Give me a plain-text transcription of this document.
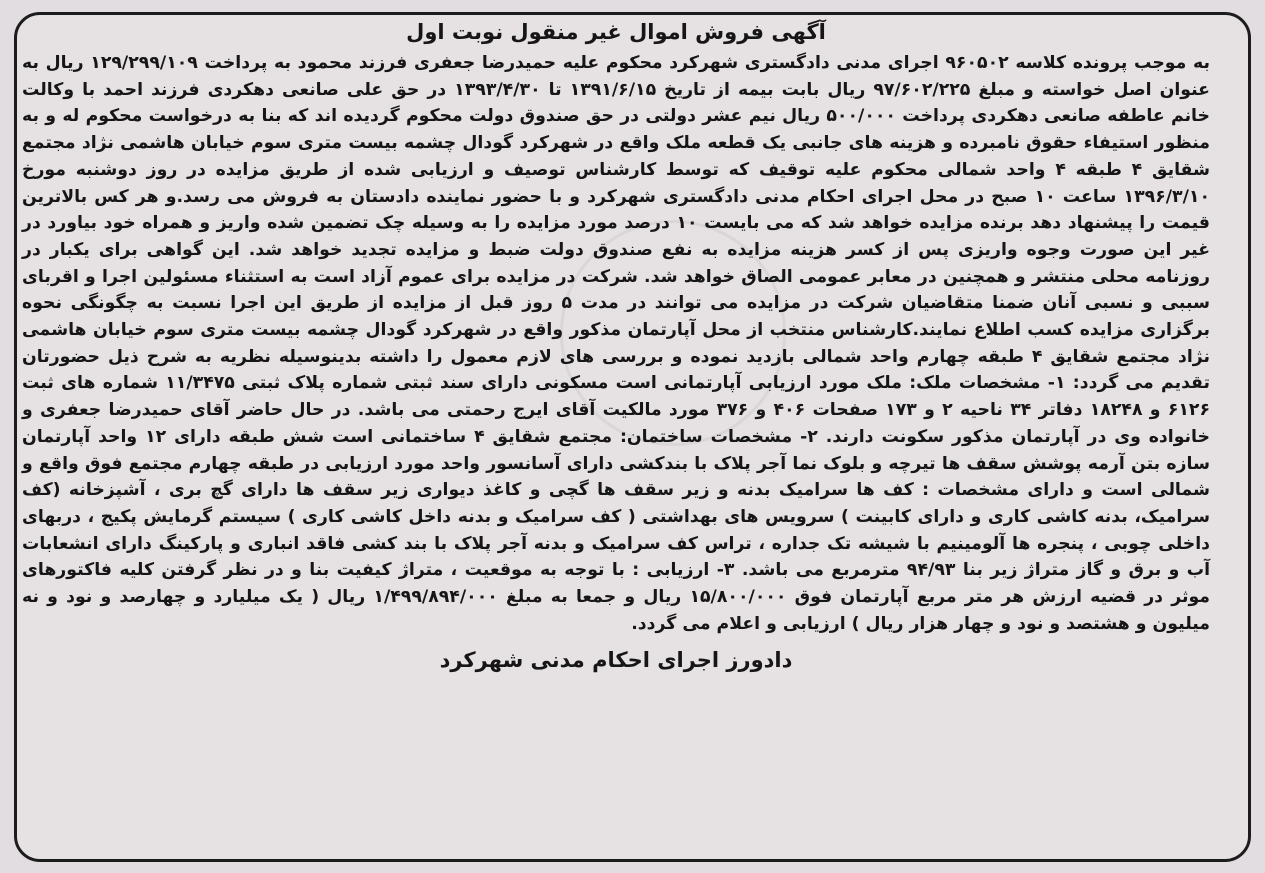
آگهی فروش اموال غیر منقول نوبت اول

به موجب پرونده کلاسه ۹۶۰۵۰۲ اجرای مدنی دادگستری شهرکرد محکوم علیه حمیدرضا جعفری فرزند محمود به پرداخت ۱۲۹/۲۹۹/۱۰۹ ریال به عنوان اصل خواسته و مبلغ ۹۷/۶۰۲/۲۲۵ ریال بابت بیمه از تاریخ ۱۳۹۱/۶/۱۵ تا ۱۳۹۳/۴/۳۰ در حق علی صانعی دهکردی فرزند احمد با وکالت خانم عاطفه صانعی دهکردی پرداخت ۵۰۰/۰۰۰ ریال نیم عشر دولتی در حق صندوق دولت محکوم گردیده اند که بنا به درخواست محکوم له و به منظور استیفاء حقوق نامبرده و هزینه های جانبی یک قطعه ملک واقع در شهرکرد گودال چشمه بیست متری سوم خیابان هاشمی نژاد مجتمع شقایق ۴ طبقه ۴ واحد شمالی محکوم علیه توقیف که توسط کارشناس توصیف و ارزیابی شده از طریق مزایده در روز دوشنبه مورخ ۱۳۹۶/۳/۱۰ ساعت ۱۰ صبح در محل اجرای احکام مدنی دادگستری شهرکرد و با حضور نماینده دادستان به فروش می رسد.و هر کس بالاترین قیمت را پیشنهاد دهد برنده مزایده خواهد شد که می بایست ۱۰ درصد مورد مزایده را به وسیله چک تضمین شده واریز و همراه خود بیاورد در غیر این صورت وجوه واریزی پس از کسر هزینه مزایده به نفع صندوق دولت ضبط و مزایده تجدید خواهد شد. این گواهی برای یکبار در روزنامه محلی منتشر و همچنین در معابر عمومی الصاق خواهد شد. شرکت در مزایده برای عموم آزاد است به استثناء مسئولین اجرا و اقربای سببی و نسبی آنان ضمنا متقاضیان شرکت در مزایده می توانند در مدت ۵ روز قبل از مزایده از طریق این اجرا نسبت به چگونگی نحوه برگزاری مزایده کسب اطلاع نمایند.کارشناس منتخب از محل آپارتمان مذکور واقع در شهرکرد گودال چشمه بیست متری سوم خیابان هاشمی نژاد مجتمع شقایق ۴ طبقه چهارم واحد شمالی بازدید نموده و بررسی های لازم معمول را داشته بدینوسیله نظریه به شرح ذیل حضورتان تقدیم می گردد: ۱- مشخصات ملک: ملک مورد ارزیابی آپارتمانی است مسکونی دارای سند ثبتی شماره پلاک ثبتی ۱۱/۳۴۷۵ شماره های ثبت ۶۱۲۶ و ۱۸۲۴۸ دفاتر ۳۴ ناحیه ۲ و ۱۷۳ صفحات ۴۰۶ و ۳۷۶ مورد مالکیت آقای ایرج رحمتی می باشد. در حال حاضر آقای حمیدرضا جعفری و خانواده وی در آپارتمان مذکور سکونت دارند. ۲- مشخصات ساختمان: مجتمع شقایق ۴ ساختمانی است شش طبقه دارای ۱۲ واحد آپارتمان سازه بتن آرمه پوشش سقف ها تیرچه و بلوک نما آجر پلاک با بندکشی دارای آسانسور واحد مورد ارزیابی در طبقه چهارم مجتمع فوق واقع و شمالی است و دارای مشخصات : کف ها سرامیک بدنه و زیر سقف ها گچی و کاغذ دیواری زیر سقف ها دارای گچ بری ، آشپزخانه (کف سرامیک، بدنه کاشی کاری و دارای کابینت ) سرویس های بهداشتی ( کف سرامیک و بدنه داخل کاشی کاری ) سیستم گرمایش پکیج ، دربهای داخلی چوبی ، پنجره ها آلومینیم با شیشه تک جداره ، تراس کف سرامیک و بدنه آجر پلاک با بند کشی فاقد انباری و پارکینگ دارای انشعابات آب و برق و گاز متراژ زیر بنا ۹۴/۹۳ مترمربع می باشد. ۳- ارزیابی : با توجه به موقعیت ، متراژ کیفیت بنا و در نظر گرفتن کلیه فاکتورهای موثر در قضیه ارزش هر متر مربع آپارتمان فوق ۱۵/۸۰۰/۰۰۰ ریال و جمعا به مبلغ ۱/۴۹۹/۸۹۴/۰۰۰ ریال ( یک میلیارد و چهارصد و نود و نه میلیون و هشتصد و نود و چهار هزار ریال ) ارزیابی و اعلام می گردد.

دادورز اجرای احکام مدنی شهرکرد
